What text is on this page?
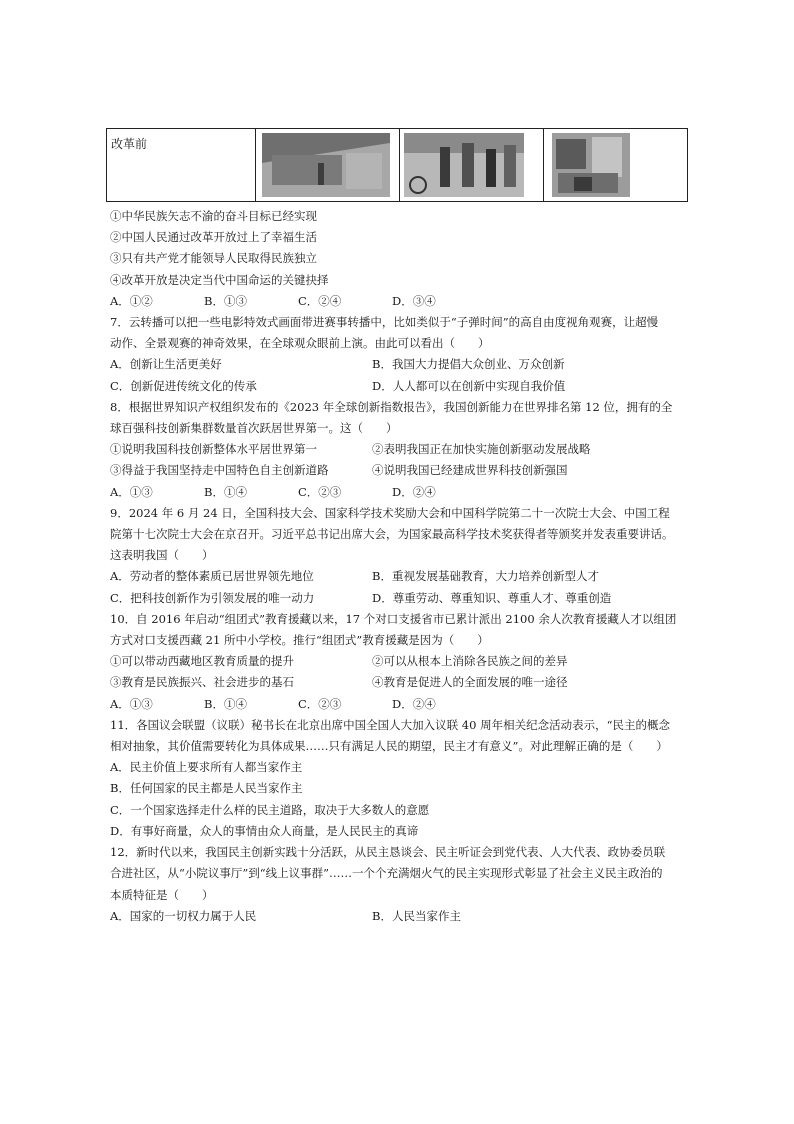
改革前	

①中华民族矢志不渝的奋斗目标已经实现
②中国人民通过改革开放过上了幸福生活
③只有共产党才能领导人民取得民族独立
④改革开放是决定当代中国命运的关键抉择
A．①②	B．①③	C．②④	D．③④
7．云转播可以把一些电影特效式画面带进赛事转播中，比如类似于“子弹时间”的高自由度视角观赛，让超慢
动作、全景观赛的神奇效果，在全球观众眼前上演。由此可以看出（　　）
A．创新让生活更美好	B．我国大力提倡大众创业、万众创新
C．创新促进传统文化的传承	D．人人都可以在创新中实现自我价值
8．根据世界知识产权组织发布的《2023 年全球创新指数报告》，我国创新能力在世界排名第 12 位，拥有的全
球百强科技创新集群数量首次跃居世界第一。这（　　）
①说明我国科技创新整体水平居世界第一	②表明我国正在加快实施创新驱动发展战略
③得益于我国坚持走中国特色自主创新道路	④说明我国已经建成世界科技创新强国
A．①③	B．①④	C．②③	D．②④
9．2024 年 6 月 24 日，全国科技大会、国家科学技术奖励大会和中国科学院第二十一次院士大会、中国工程
院第十七次院士大会在京召开。习近平总书记出席大会，为国家最高科学技术奖获得者等颁奖并发表重要讲话。
这表明我国（　　）
A．劳动者的整体素质已居世界领先地位	B．重视发展基础教育，大力培养创新型人才
C．把科技创新作为引领发展的唯一动力	D．尊重劳动、尊重知识、尊重人才、尊重创造
10．自 2016 年启动“组团式”教育援藏以来，17 个对口支援省市已累计派出 2100 余人次教育援藏人才以组团
方式对口支援西藏 21 所中小学校。推行“组团式”教育援藏是因为（　　）
①可以带动西藏地区教育质量的提升	②可以从根本上消除各民族之间的差异
③教育是民族振兴、社会进步的基石	④教育是促进人的全面发展的唯一途径
A．①③	B．①④	C．②③	D．②④
11．各国议会联盟（议联）秘书长在北京出席中国全国人大加入议联 40 周年相关纪念活动表示，“民主的概念
相对抽象，其价值需要转化为具体成果……只有满足人民的期望，民主才有意义”。对此理解正确的是（　　）
A．民主价值上要求所有人都当家作主
B．任何国家的民主都是人民当家作主
C．一个国家选择走什么样的民主道路，取决于大多数人的意愿
D．有事好商量，众人的事情由众人商量，是人民民主的真谛
12．新时代以来，我国民主创新实践十分活跃，从民主恳谈会、民主听证会到党代表、人大代表、政协委员联
合进社区，从“小院议事厅”到“线上议事群”……一个个充满烟火气的民主实现形式彰显了社会主义民主政治的
本质特征是（　　）
A．国家的一切权力属于人民	B．人民当家作主
